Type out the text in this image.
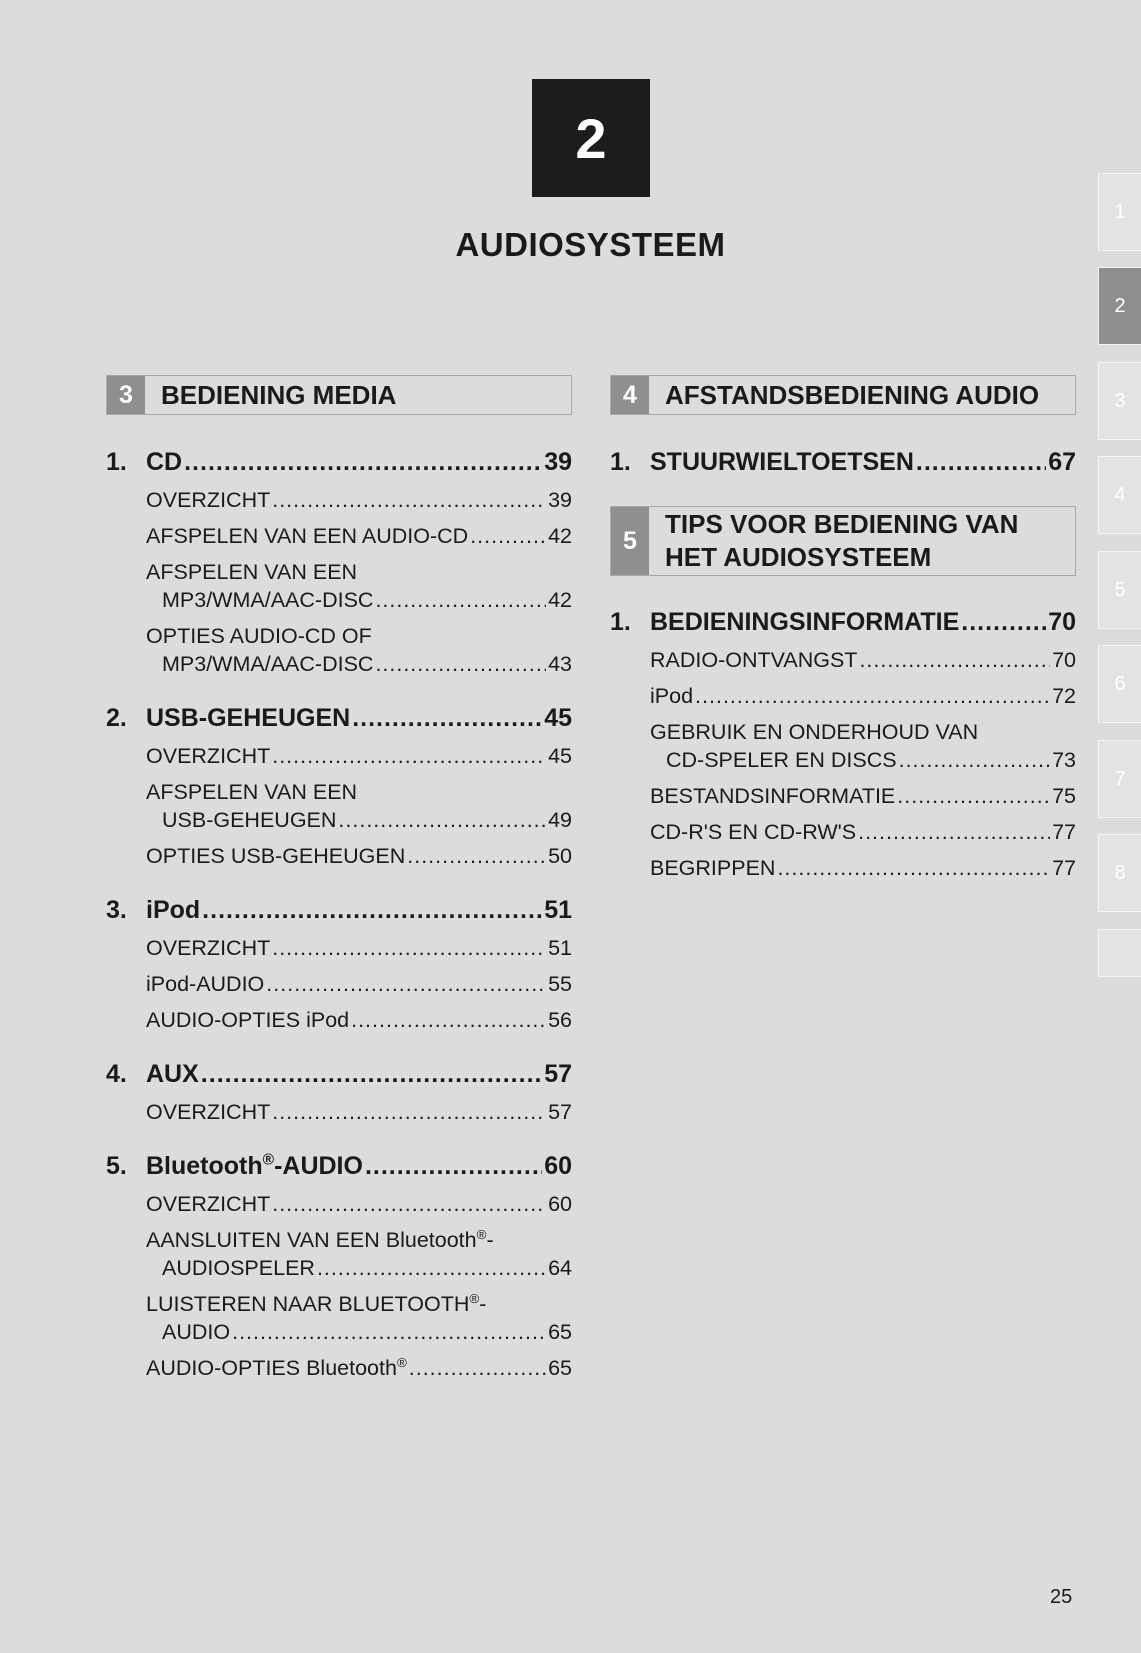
2
AUDIOSYSTEEM
1
2
3
4
5
6
7
8
3	BEDIENING MEDIA
1. CD .....	39
OVERZICHT .....	39
AFSPELEN VAN EEN AUDIO-CD .....	42
AFSPELEN VAN EEN
MP3/WMA/AAC-DISC .....	42
OPTIES AUDIO-CD OF
MP3/WMA/AAC-DISC .....	43
2. USB-GEHEUGEN .....	45
OVERZICHT .....	45
AFSPELEN VAN EEN
USB-GEHEUGEN .....	49
OPTIES USB-GEHEUGEN .....	50
3. iPod .....	51
OVERZICHT .....	51
iPod-AUDIO .....	55
AUDIO-OPTIES iPod .....	56
4. AUX .....	57
OVERZICHT .....	57
5. Bluetooth®-AUDIO .....	60
OVERZICHT .....	60
AANSLUITEN VAN EEN Bluetooth®-
AUDIOSPELER .....	64
LUISTEREN NAAR BLUETOOTH®-
AUDIO .....	65
AUDIO-OPTIES Bluetooth® .....	65
4	AFSTANDSBEDIENING AUDIO
1. STUURWIELTOETSEN .....	67
5
TIPS VOOR BEDIENING VAN
HET AUDIOSYSTEEM
1. BEDIENINGSINFORMATIE .....	70
RADIO-ONTVANGST .....	70
iPod .....	72
GEBRUIK EN ONDERHOUD VAN
CD-SPELER EN DISCS .....	73
BESTANDSINFORMATIE .....	75
CD-R'S EN CD-RW'S .....	77
BEGRIPPEN .....	77
25
